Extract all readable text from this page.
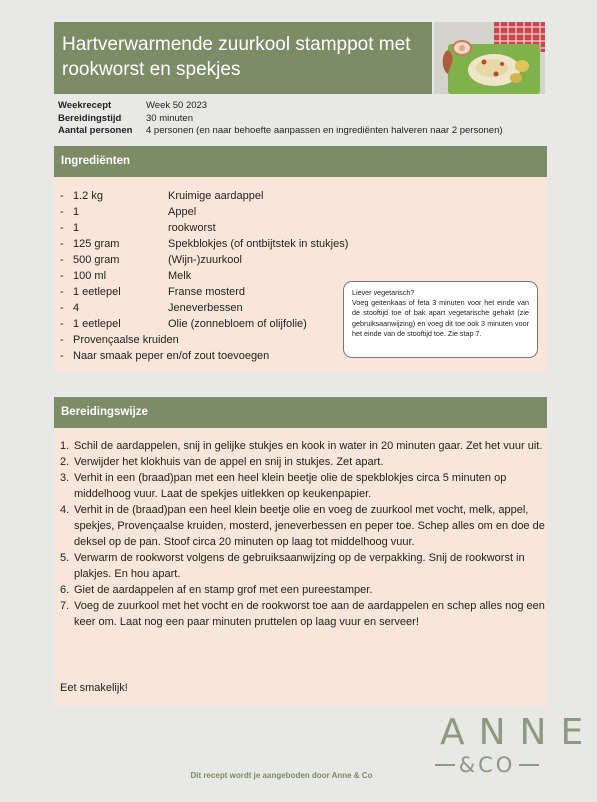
Hartverwarmende zuurkool stamppot met rookworst en spekjes
Weekrecept	Week 50 2023
Bereidingstijd	30 minuten
Aantal personen	4 personen (en naar behoefte aanpassen en ingrediënten halveren naar 2 personen)
Ingrediënten
- 1.2 kg	Kruimige aardappel
- 1	Appel
- 1	rookworst
- 125 gram	Spekblokjes (of ontbijtstek in stukjes)
- 500 gram	(Wijn-)zuurkool
- 100 ml	Melk
- 1 eetlepel	Franse mosterd
- 4	Jeneverbessen
- 1 eetlepel	Olie (zonnebloem of olijfolie)
- Provençaalse kruiden
- Naar smaak peper en/of zout toevoegen
Liever vegetarisch?
Voeg geitenkaas of feta 3 minuten voor het einde van de stooftijd toe of bak apart vegetarische gehakt (zie gebruiksaanwijzing) en voeg dit toe ook 3 minuten voor het einde van de stooftijd toe. Zie stap 7.
Bereidingswijze
1. Schil de aardappelen, snij in gelijke stukjes en kook in water in 20 minuten gaar. Zet het vuur uit.
2. Verwijder het klokhuis van de appel en snij in stukjes. Zet apart.
3. Verhit in een (braad)pan met een heel klein beetje olie de spekblokjes circa 5 minuten op middelhoog vuur. Laat de spekjes uitlekken op keukenpapier.
4. Verhit in de (braad)pan een heel klein beetje olie en voeg de zuurkool met vocht, melk, appel, spekjes, Provençaalse kruiden, mosterd, jeneverbessen en peper toe. Schep alles om en doe de deksel op de pan. Stoof circa 20 minuten op laag tot middelhoog vuur.
5. Verwarm de rookworst volgens de gebruiksaanwijzing op de verpakking. Snij de rookworst in plakjes. En hou apart.
6. Giet de aardappelen af en stamp grof met een pureestamper.
7. Voeg de zuurkool met het vocht en de rookworst toe aan de aardappelen en schep alles nog een keer om. Laat nog een paar minuten pruttelen op laag vuur en serveer!
Eet smakelijk!
ANNE
&CO
Dit recept wordt je aangeboden door Anne & Co
